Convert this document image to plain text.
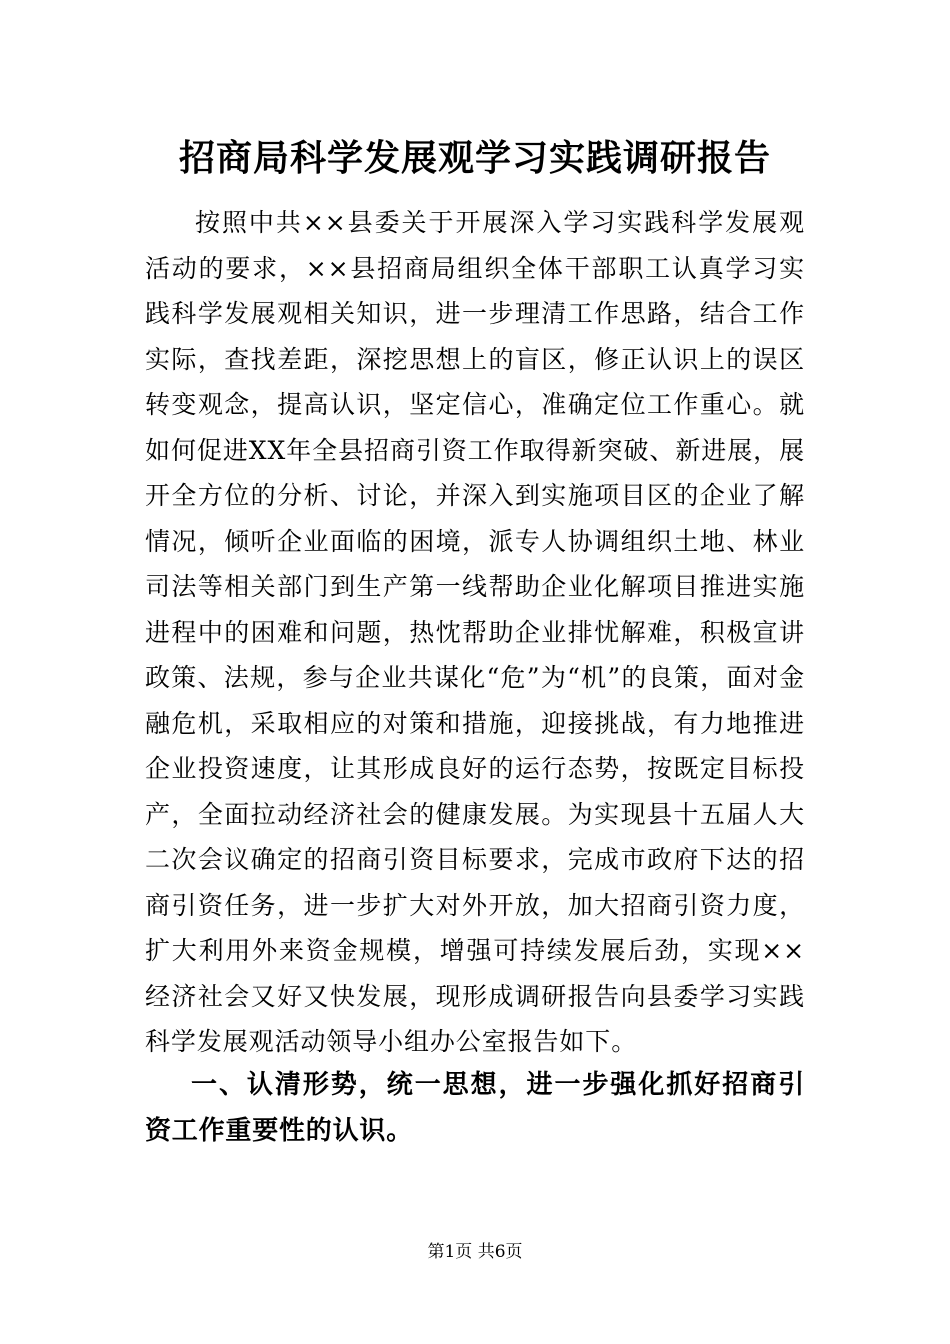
招商局科学发展观学习实践调研报告

按照中共××县委关于开展深入学习实践科学发展观活动的要求，××县招商局组织全体干部职工认真学习实践科学发展观相关知识，进一步理清工作思路，结合工作实际，查找差距，深挖思想上的盲区，修正认识上的误区转变观念，提高认识，坚定信心，准确定位工作重心。就如何促进XX年全县招商引资工作取得新突破、新进展，展开全方位的分析、讨论，并深入到实施项目区的企业了解情况，倾听企业面临的困境，派专人协调组织土地、林业司法等相关部门到生产第一线帮助企业化解项目推进实施进程中的困难和问题，热忱帮助企业排忧解难，积极宣讲政策、法规，参与企业共谋化“危”为“机”的良策，面对金融危机，采取相应的对策和措施，迎接挑战，有力地推进企业投资速度，让其形成良好的运行态势，按既定目标投产，全面拉动经济社会的健康发展。为实现县十五届人大二次会议确定的招商引资目标要求，完成市政府下达的招商引资任务，进一步扩大对外开放，加大招商引资力度，扩大利用外来资金规模，增强可持续发展后劲，实现××经济社会又好又快发展，现形成调研报告向县委学习实践科学发展观活动领导小组办公室报告如下。

一、认清形势，统一思想，进一步强化抓好招商引资工作重要性的认识。

第1页 共6页
